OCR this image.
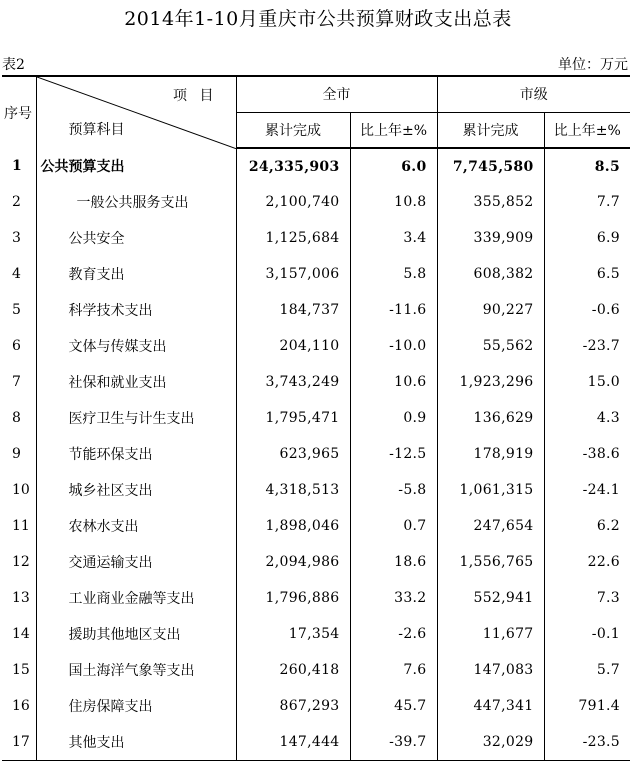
2014年1-10月重庆市公共预算财政支出总表
表2	单位：万元
序号	项 目
预算科目	全市		市级	
		累计完成	比上年±%	累计完成	比上年±%
1	公共预算支出	24,335,903	6.0	7,745,580	8.5
2	一般公共服务支出	2,100,740	10.8	355,852	7.7
3	公共安全	1,125,684	3.4	339,909	6.9
4	教育支出	3,157,006	5.8	608,382	6.5
5	科学技术支出	184,737	-11.6	90,227	-0.6
6	文体与传媒支出	204,110	-10.0	55,562	-23.7
7	社保和就业支出	3,743,249	10.6	1,923,296	15.0
8	医疗卫生与计生支出	1,795,471	0.9	136,629	4.3
9	节能环保支出	623,965	-12.5	178,919	-38.6
10	城乡社区支出	4,318,513	-5.8	1,061,315	-24.1
11	农林水支出	1,898,046	0.7	247,654	6.2
12	交通运输支出	2,094,986	18.6	1,556,765	22.6
13	工业商业金融等支出	1,796,886	33.2	552,941	7.3
14	援助其他地区支出	17,354	-2.6	11,677	-0.1
15	国土海洋气象等支出	260,418	7.6	147,083	5.7
16	住房保障支出	867,293	45.7	447,341	791.4
17	其他支出	147,444	-39.7	32,029	-23.5
